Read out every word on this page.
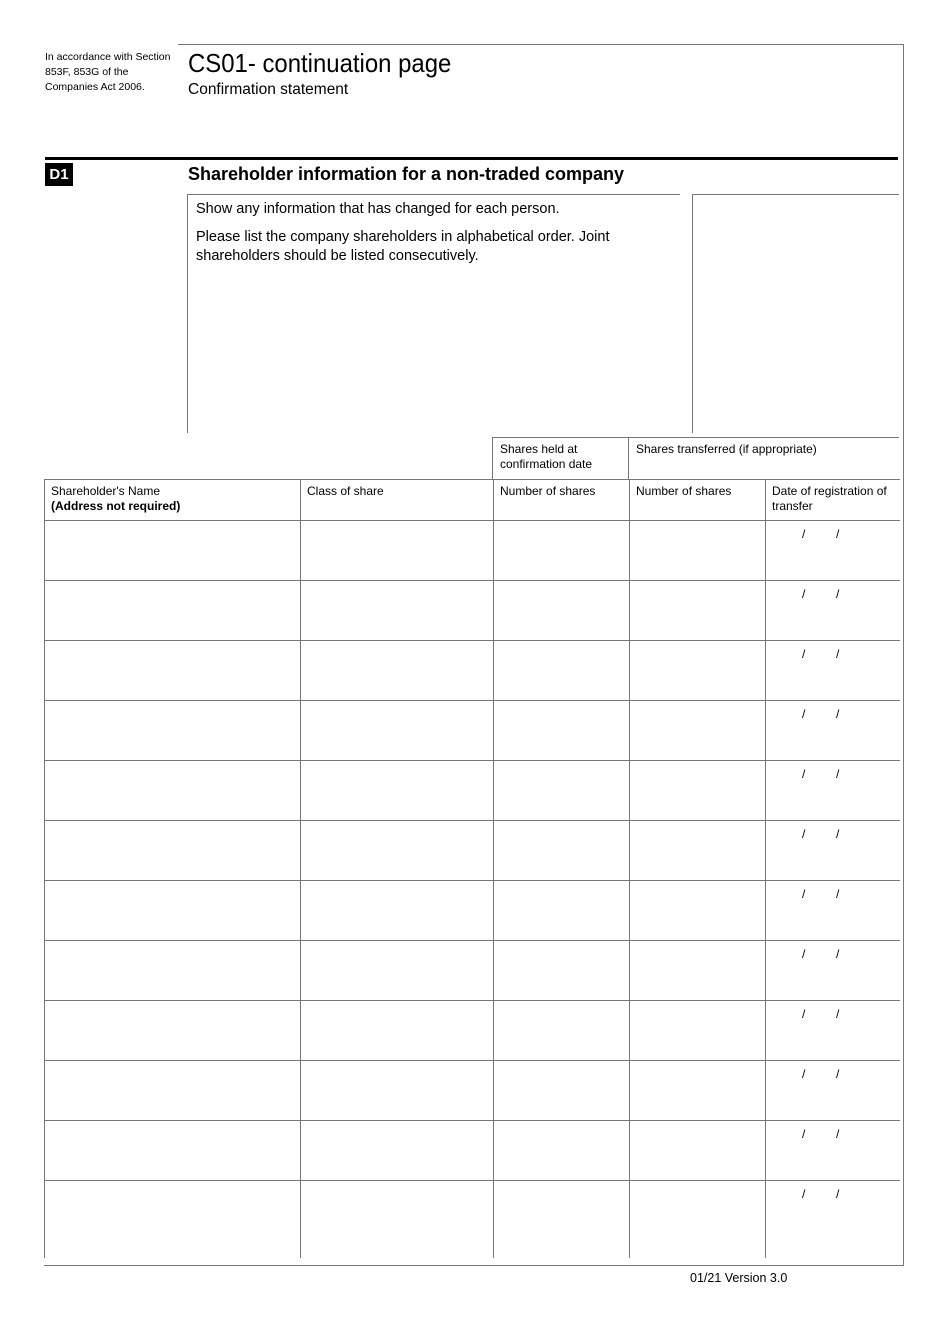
In accordance with Section 853F, 853G of the Companies Act 2006.
CS01- continuation page
Confirmation statement
D1	Shareholder information for a non-traded company

Show any information that has changed for each person.

Please list the company shareholders in alphabetical order. Joint shareholders should be listed consecutively.

Shares held at confirmation date
Shares transferred (if appropriate)
Shareholder's Name
(Address not required)	Class of share	Number of shares	Number of shares	Date of registration of transfer

				/ /

				/ /

				/ /

				/ /

				/ /

				/ /

				/ /

				/ /

				/ /

				/ /

				/ /

				/ /
01/21 Version 3.0
